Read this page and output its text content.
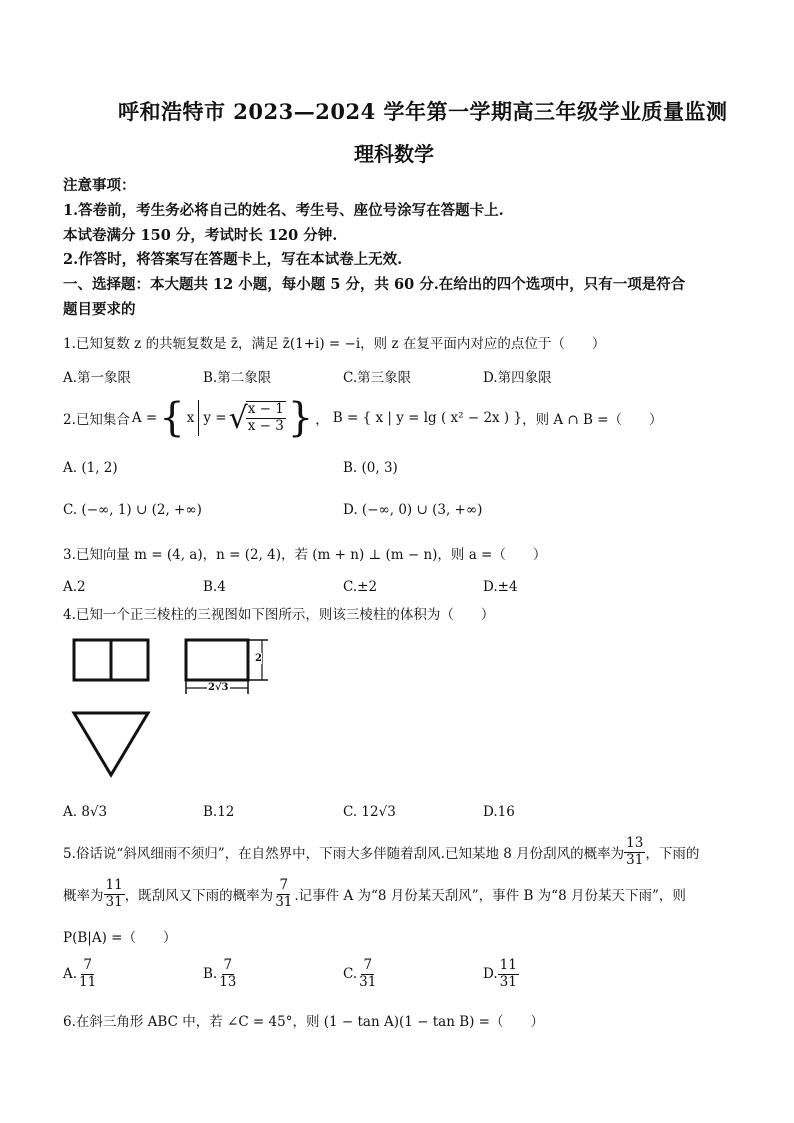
呼和浩特市 2023—2024 学年第一学期高三年级学业质量监测
理科数学
注意事项：
1.答卷前，考生务必将自己的姓名、考生号、座位号涂写在答题卡上.
本试卷满分 150 分，考试时长 120 分钟.
2.作答时，将答案写在答题卡上，写在本试卷上无效.
一、选择题：本大题共 12 小题，每小题 5 分，共 60 分.在给出的四个选项中，只有一项是符合
题目要求的
1.已知复数 z 的共轭复数是 z̄，满足 z̄(1+i) = −i，则 z 在复平面内对应的点位于（　　）
A.第一象限	B.第二象限	C.第三象限	D.第四象限
2.已知集合 A = { x y = √
$\frac{x - 1}{x - 3}$ } ， B = { x | y = lg ( x² − 2x ) } ，则 A ∩ B =（　　）
A. (1, 2)	B. (0, 3)
C. (−∞, 1) ∪ (2, +∞)	D. (−∞, 0) ∪ (3, +∞)
3.已知向量 m = (4, a)，n = (2, 4)，若 (m + n) ⊥ (m − n)，则 a =（　　）
A.2	B.4	C.±2	D.±4
4.已知一个正三棱柱的三视图如下图所示，则该三棱柱的体积为（　　）
2
2√3
A. 8√3	B.12	C. 12√3	D.16
5.俗话说“斜风细雨不须归”，在自然界中，下雨大多伴随着刮风.已知某地 8 月份刮风的概率为 $\frac{13}{31}$ ，下雨的
概率为 $\frac{11}{31}$ ，既刮风又下雨的概率为 $\frac{7}{31}$ .记事件 A 为“8 月份某天刮风”，事件 B 为“8 月份某天下雨”，则
P(B|A) =（　　）
A. $\frac{7}{11}$	B. $\frac{7}{13}$	C. $\frac{7}{31}$	D. $\frac{11}{31}$
6.在斜三角形 ABC 中，若 ∠C = 45°，则 (1 − tan A)(1 − tan B) =（　　）
